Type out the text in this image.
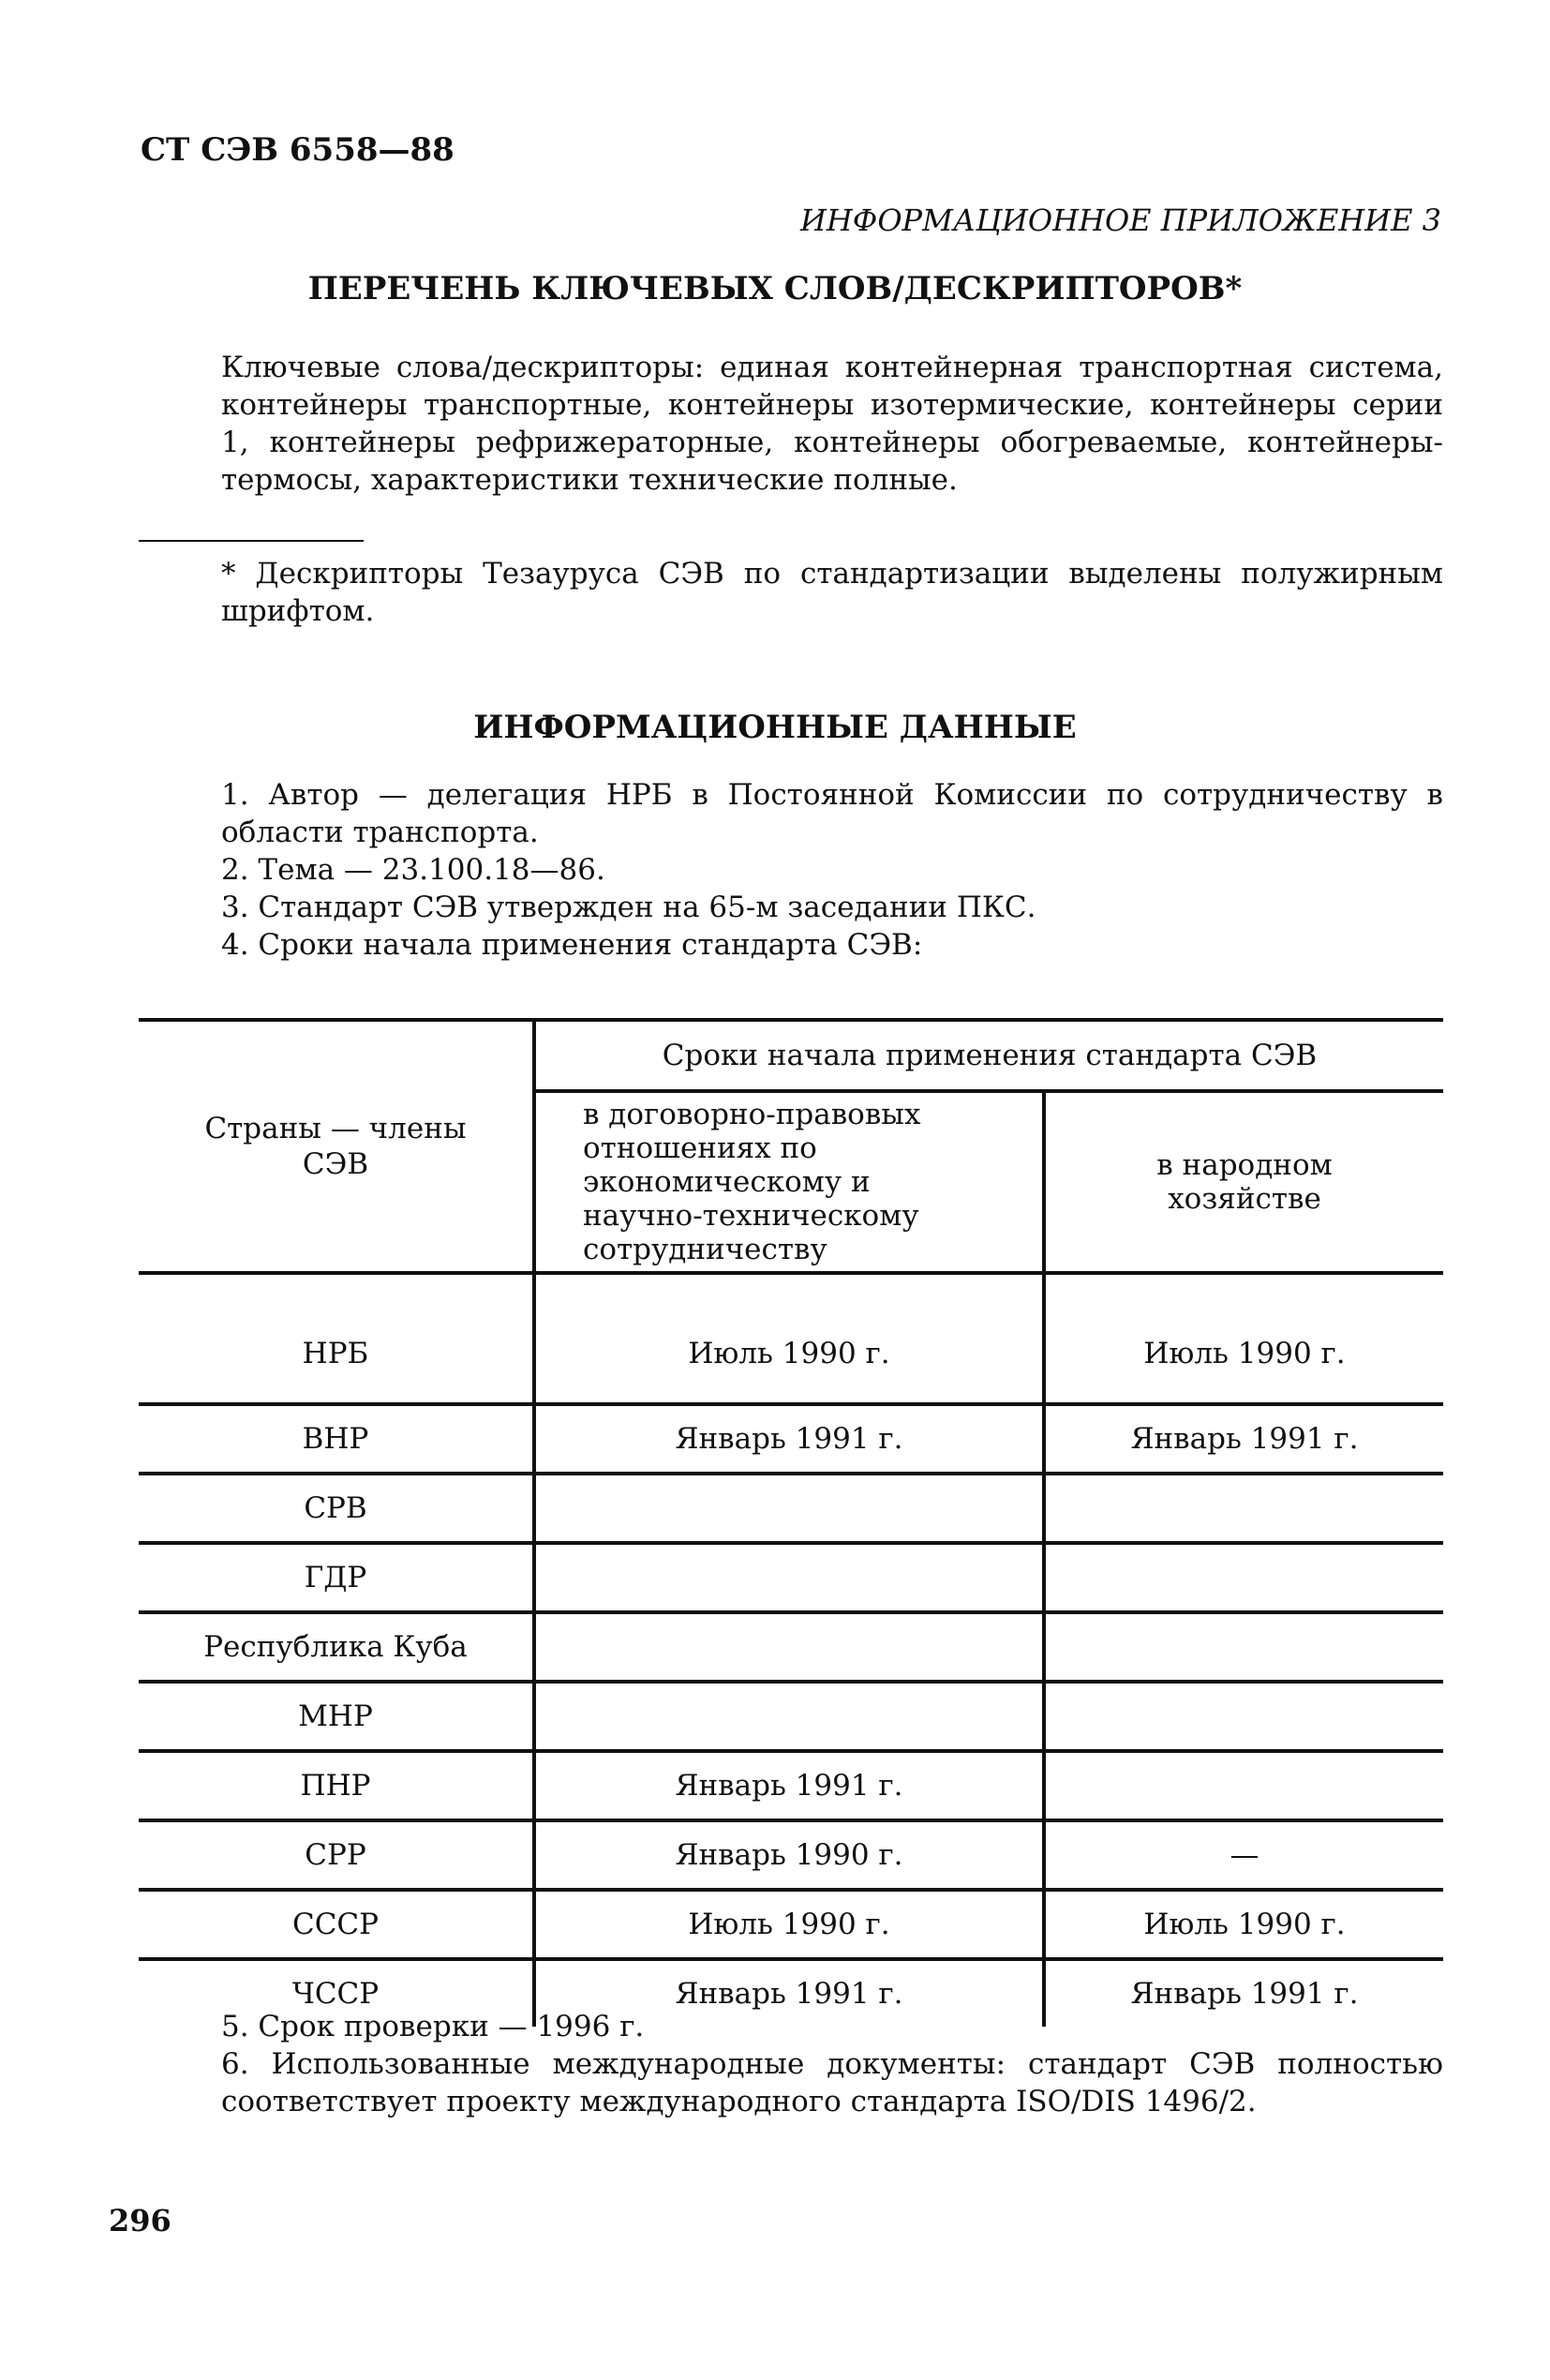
СТ СЭВ 6558—88
ИНФОРМАЦИОННОЕ ПРИЛОЖЕНИЕ 3
ПЕРЕЧЕНЬ КЛЮЧЕВЫХ СЛОВ/ДЕСКРИПТОРОВ*

Ключевые слова/дескрипторы: единая контейнерная транспортная система, контейнеры транспортные, контейнеры изотермические, контейнеры серии 1, контейнеры рефрижераторные, контейнеры обогреваемые, контейнеры-термосы, характеристики технические полные.

* Дескрипторы Тезауруса СЭВ по стандартизации выделены полужирным шрифтом.

ИНФОРМАЦИОННЫЕ ДАННЫЕ

1. Автор — делегация НРБ в Постоянной Комиссии по сотрудничеству в области транспорта.

2. Тема — 23.100.18—86.

3. Стандарт СЭВ утвержден на 65-м заседании ПКС.

4. Сроки начала применения стандарта СЭВ:

Страны — члены СЭВ	Сроки начала применения стандарта СЭВ	
	в договорно-правовых отношениях по экономическому и научно-техническому сотрудничеству	в народном хозяйстве
НРБ	Июль 1990 г.	Июль 1990 г.
ВНР	Январь 1991 г.	Январь 1991 г.
СРВ		
ГДР		
Республика Куба		
МНР		
ПНР	Январь 1991 г.	
СРР	Январь 1990 г.	—
СССР	Июль 1990 г.	Июль 1990 г.
ЧССР	Январь 1991 г.	Январь 1991 г.

5. Срок проверки — 1996 г.

6. Использованные международные документы: стандарт СЭВ полностью соответствует проекту международного стандарта ISO/DIS 1496/2.

296
